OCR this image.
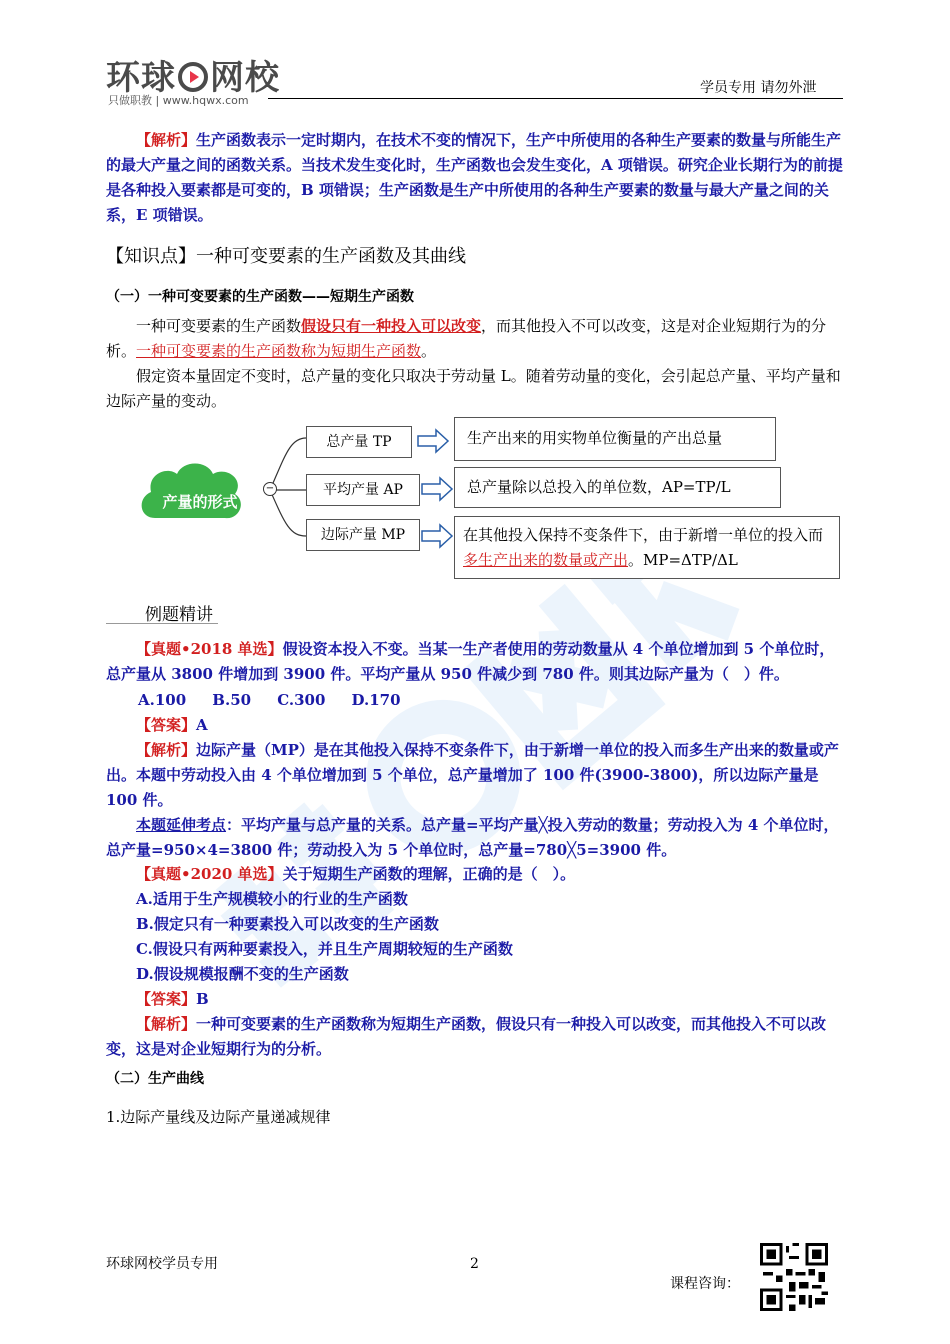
环球 网校
只做职教 | www.hqwx.com
学员专用 请勿外泄
【解析】生产函数表示一定时期内，在技术不变的情况下，生产中所使用的各种生产要素的数量与所能生产的最大产量之间的函数关系。当技术发生变化时，生产函数也会发生变化，A 项错误。研究企业长期行为的前提是各种投入要素都是可变的，B 项错误；生产函数是生产中所使用的各种生产要素的数量与最大产量之间的关系，E 项错误。
【知识点】一种可变要素的生产函数及其曲线
（一）一种可变要素的生产函数——短期生产函数
一种可变要素的生产函数假设只有一种投入可以改变，而其他投入不可以改变，这是对企业短期行为的分析。一种可变要素的生产函数称为短期生产函数。
假定资本量固定不变时，总产量的变化只取决于劳动量 L。随着劳动量的变化，会引起总产量、平均产量和边际产量的变动。
产量的形式
−
总产量 TP
平均产量 AP
边际产量 MP
生产出来的用实物单位衡量的产出总量
总产量除以总投入的单位数，AP=TP/L
在其他投入保持不变条件下，由于新增一单位的投入而多生产出来的数量或产出。MP=ΔTP/ΔL
例题精讲
【真题•2018 单选】假设资本投入不变。当某一生产者使用的劳动数量从 4 个单位增加到 5 个单位时，总产量从 3800 件增加到 3900 件。平均产量从 950 件减少到 780 件。则其边际产量为（　）件。
A.100 B.50 C.300 D.170
【答案】A
【解析】边际产量（MP）是在其他投入保持不变条件下，由于新增一单位的投入而多生产出来的数量或产出。本题中劳动投入由 4 个单位增加到 5 个单位，总产量增加了 100 件(3900-3800)，所以边际产量是 100 件。
本题延伸考点：平均产量与总产量的关系。总产量=平均产量╳投入劳动的数量；劳动投入为 4 个单位时，总产量=950×4=3800 件；劳动投入为 5 个单位时，总产量=780╳5=3900 件。
【真题•2020 单选】关于短期生产函数的理解，正确的是（　）。
A.适用于生产规模较小的行业的生产函数
B.假定只有一种要素投入可以改变的生产函数
C.假设只有两种要素投入，并且生产周期较短的生产函数
D.假设规模报酬不变的生产函数
【答案】B
【解析】一种可变要素的生产函数称为短期生产函数，假设只有一种投入可以改变，而其他投入不可以改变，这是对企业短期行为的分析。
（二）生产曲线
1.边际产量线及边际产量递减规律
环球网校学员专用	2
课程咨询：
